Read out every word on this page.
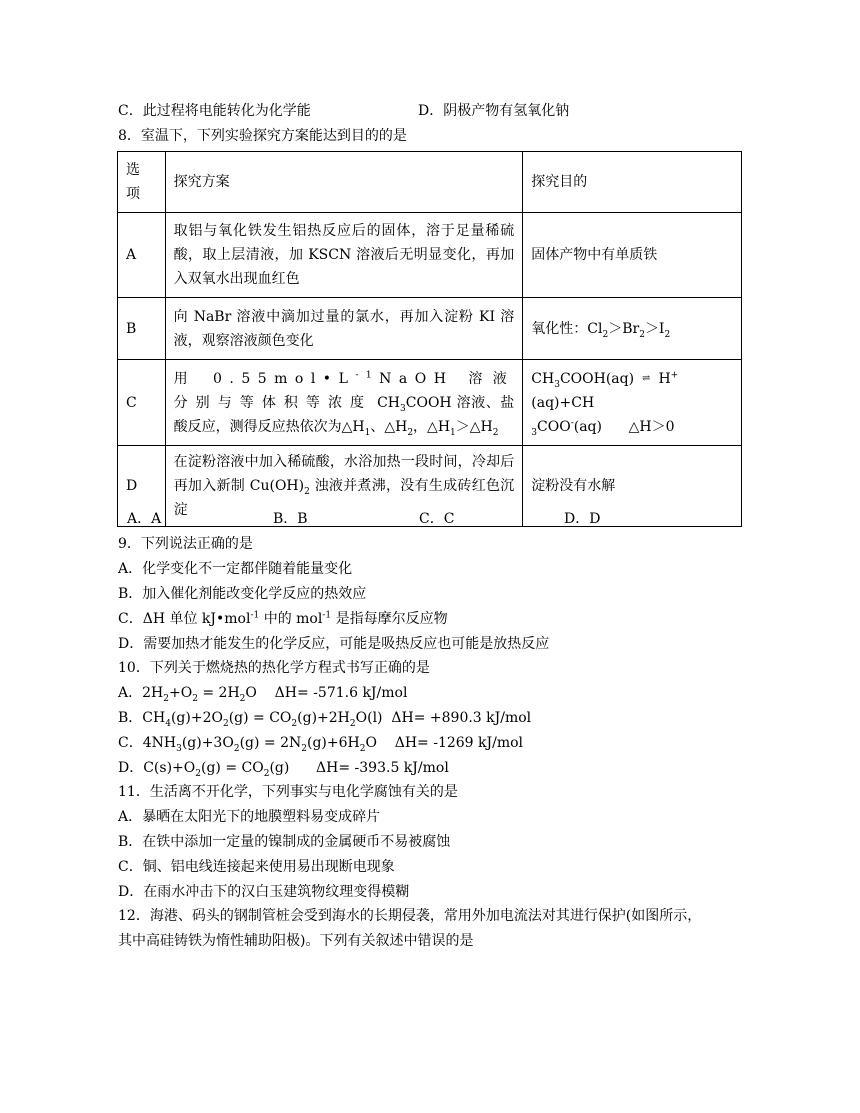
C．此过程将电能转化为化学能	D．阴极产物有氢氧化钠
8．室温下，下列实验探究方案能达到目的的是
选
项	探究方案	探究目的
A	取铝与氧化铁发生铝热反应后的固体，溶于足量稀硫酸，取上层清液，加 KSCN 溶液后无明显变化，再加入双氧水出现血红色	固体产物中有单质铁
B	向 NaBr 溶液中滴加过量的氯水，再加入淀粉 KI 溶液，观察溶液颜色变化	氧化性：$Cl_2>Br_2>I_2$
C	用 $0.55mol•L^{-1}NaOH$ 溶液分别与等体积等浓度 $CH_3COOH$ 溶液、盐酸反应，测得反应热依次为$\triangle H_1$、$\triangle H_2$，$\triangle H_1>\triangle H_2$	$CH_3COOH(aq)$ ⇌ H+(aq)+CH
$_3$COO-(aq)      △H＞0
D	在淀粉溶液中加入稀硫酸，水浴加热一段时间，冷却后再加入新制 $Cu(OH)_2$ 浊液并煮沸，没有生成砖红色沉淀	淀粉没有水解
A．A	B．B	C．C	D．D
9．下列说法正确的是
A．化学变化不一定都伴随着能量变化
B．加入催化剂能改变化学反应的热效应
C．ΔH 单位 kJ•mol$^{-1}$ 中的 mol$^{-1}$ 是指每摩尔反应物
D．需要加热才能发生的化学反应，可能是吸热反应也可能是放热反应
10．下列关于燃烧热的热化学方程式书写正确的是
A．$2H_2+O_2 = 2H_2O$    ΔH= -571.6 kJ/mol
B．$CH_4(g)+2O_2(g) = CO_2(g)+2H_2O(l)$  ΔH= +890.3 kJ/mol
C．$4NH_3(g)+3O_2(g) = 2N_2(g)+6H_2O$    ΔH= -1269 kJ/mol
D．$C(s)+O_2(g) = CO_2(g)$      ΔH= -393.5 kJ/mol
11．生活离不开化学，下列事实与电化学腐蚀有关的是
A．暴晒在太阳光下的地膜塑料易变成碎片
B．在铁中添加一定量的镍制成的金属硬币不易被腐蚀
C．铜、铝电线连接起来使用易出现断电现象
D．在雨水冲击下的汉白玉建筑物纹理变得模糊
12．海港、码头的钢制管桩会受到海水的长期侵袭，常用外加电流法对其进行保护(如图所示，
其中高硅铸铁为惰性辅助阳极)。下列有关叙述中错误的是
